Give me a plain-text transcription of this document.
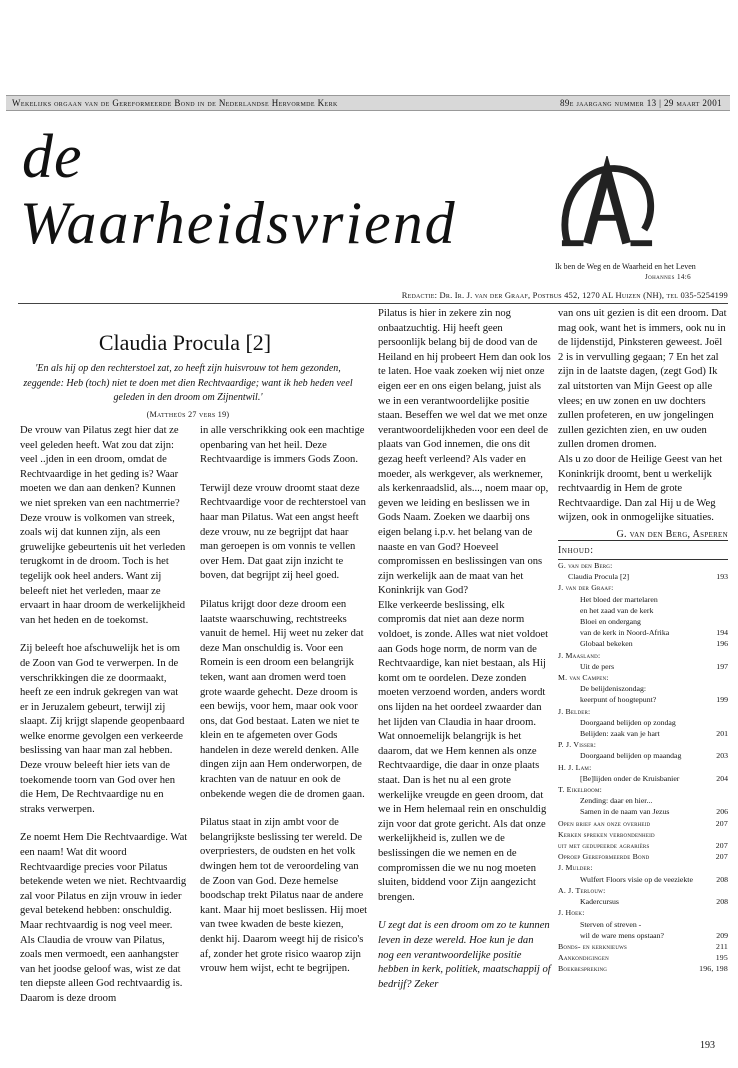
Wekelijks orgaan van de Gereformeerde Bond in de Nederlandse Hervormde Kerk	89e jaargang nummer 13 | 29 maart 2001
de
Waarheidsvriend
Ik ben de Weg en de Waarheid en het Leven
Johannes 14:6
Redactie: Dr. Ir. J. van der Graaf, Postbus 452, 1270 AL Huizen (NH), tel 035-5254199
Claudia Procula [2]
'En als hij op den rechterstoel zat, zo heeft zijn huisvrouw tot hem gezonden, zeggende: Heb (toch) niet te doen met dien Rechtvaardige; want ik heb heden veel geleden in den droom om Zijnentwil.'
(Mattheüs 27 vers 19)

De vrouw van Pilatus zegt hier dat ze veel geleden heeft. Wat zou dat zijn: veel ..jden in een droom, omdat de Rechtvaardige in het geding is? Waar moeten we dan aan denken? Kunnen we niet spreken van een nachtmerrie? Deze vrouw is volkomen van streek, zoals wij dat kunnen zijn, als een gruwelijke gebeurtenis uit het verleden terugkomt in de droom. Toch is het tegelijk ook heel anders. Want zij beleeft niet het verleden, maar ze ervaart in haar droom de werkelijkheid van het heden en de toekomst.

Zij beleeft hoe afschuwelijk het is om de Zoon van God te verwerpen. In de verschrikkingen die ze doormaakt, heeft ze een indruk gekregen van wat er in Jeruzalem gebeurt, terwijl zij slaapt. Zij krijgt slapende geopenbaard welke enorme gevolgen een verkeerde beslissing van haar man zal hebben. Deze vrouw beleeft hier iets van de toekomende toorn van God over hen die Hem, De Rechtvaardige nu en straks verwerpen.

Ze noemt Hem Die Rechtvaardige. Wat een naam! Wat dit woord Rechtvaardige precies voor Pilatus betekende weten we niet. Rechtvaardig zal voor Pilatus en zijn vrouw in ieder geval betekend hebben: onschuldig. Maar rechtvaardig is nog veel meer. Als Claudia de vrouw van Pilatus, zoals men vermoedt, een aanhangster van het joodse geloof was, wist ze dat ten diepste alleen God rechtvaardig is. Daarom is deze droom

in alle verschrikking ook een machtige openbaring van het heil. Deze Rechtvaardige is immers Gods Zoon.

Terwijl deze vrouw droomt staat deze Rechtvaardige voor de rechterstoel van haar man Pilatus. Wat een angst heeft deze vrouw, nu ze begrijpt dat haar man geroepen is om vonnis te vellen over Hem. Dat gaat zijn inzicht te boven, dat begrijpt zij heel goed.

Pilatus krijgt door deze droom een laatste waarschuwing, rechtstreeks vanuit de hemel. Hij weet nu zeker dat deze Man onschuldig is. Voor een Romein is een droom een belangrijk teken, want aan dromen werd toen grote waarde gehecht. Deze droom is een bewijs, voor hem, maar ook voor ons, dat God bestaat. Laten we niet te klein en te afgemeten over Gods handelen in deze wereld denken. Alle dingen zijn aan Hem onderworpen, de krachten van de natuur en ook de onbekende wegen die de dromen gaan.

Pilatus staat in zijn ambt voor de belangrijkste beslissing ter wereld. De overpriesters, de oudsten en het volk dwingen hem tot de veroordeling van de Zoon van God. Deze hemelse boodschap trekt Pilatus naar de andere kant. Maar hij moet beslissen. Hij moet van twee kwaden de beste kiezen, denkt hij. Daarom weegt hij de risico's af, zonder het grote risico waarop zijn vrouw hem wijst, echt te begrijpen.

Pilatus is hier in zekere zin nog onbaatzuchtig. Hij heeft geen persoonlijk belang bij de dood van de Heiland en hij probeert Hem dan ook los te laten. Hoe vaak zoeken wij niet onze eigen eer en ons eigen belang, juist als we in een verantwoordelijke positie staan. Beseffen we wel dat we met onze verantwoordelijkheden voor een deel de plaats van God innemen, die ons dit gezag heeft verleend? Als vader en moeder, als werkgever, als werknemer, als kerkenraadslid, als..., noem maar op, geven we leiding en beslissen we in Gods Naam. Zoeken we daarbij ons eigen belang i.p.v. het belang van de naaste en van God? Hoeveel compromissen en beslissingen van ons zijn werkelijk aan de maat van het Koninkrijk van God?

Elke verkeerde beslissing, elk compromis dat niet aan deze norm voldoet, is zonde. Alles wat niet voldoet aan Gods hoge norm, de norm van de Rechtvaardige, kan niet bestaan, als Hij komt om te oordelen. Deze zonden moeten verzoend worden, anders wordt ons lijden na het oordeel zwaarder dan het lijden van Claudia in haar droom.

Wat onnoemelijk belangrijk is het daarom, dat we Hem kennen als onze Rechtvaardige, die daar in onze plaats staat. Dan is het nu al een grote werkelijke vreugde en geen droom, dat we in Hem helemaal rein en onschuldig zijn voor dat grote gericht. Als dat onze werkelijkheid is, zullen we de beslissingen die we nemen en de compromissen die we nu nog moeten sluiten, biddend voor Zijn aangezicht brengen.

U zegt dat is een droom om zo te kunnen leven in deze wereld. Hoe kun je dan nog een verantwoordelijke positie hebben in kerk, politiek, maatschappij of bedrijf? Zeker

van ons uit gezien is dit een droom. Dat mag ook, want het is immers, ook nu in de lijdenstijd, Pinksteren geweest. Joël 2 is in vervulling gegaan; 7 En het zal zijn in de laatste dagen, (zegt God) Ik zal uitstorten van Mijn Geest op alle vlees; en uw zonen en uw dochters zullen profeteren, en uw jongelingen zullen gezichten zien, en uw ouden zullen dromen dromen.

Als u zo door de Heilige Geest van het Koninkrijk droomt, bent u werkelijk rechtvaardig in Hem de grote Rechtvaardige. Dan zal Hij u de Weg wijzen, ook in onmogelijke situaties.

G. van den Berg, Asperen
Inhoud:
G. van den Berg:
Claudia Procula [2]	193
J. van der Graaf:
Het bloed der martelaren
en het zaad van de kerk
Bloei en ondergang
van de kerk in Noord-Afrika	194
Globaal bekeken	196
J. Maasland:
Uit de pers	197
M. van Campen:
De belijdeniszondag:
keerpunt of hoogtepunt?	199
J. Belder:
Doorgaand belijden op zondag
Belijden: zaak van je hart	201
P. J. Visser:
Doorgaand belijden op maandag	203
H. J. Lam:
[Be]lijden onder de Kruisbanier	204
T. Eikelboom:
Zending: daar en hier...
Samen in de naam van Jezus	206
Open brief aan onze overheid	207
Kerken spreken verbondenheid
uit met gedupeerde agrariërs	207
Oproep Gereformeerde Bond	207
J. Mulder:
Wulfert Floors visie op de veeziekte	208
A. J. Terlouw:
Kadercursus	208
J. Hoek:
Sterven of streven -
wil de ware mens opstaan?	209
Bonds- en kerknieuws	211
Aankondigingen	195
Boekbespreking	196, 198
193
